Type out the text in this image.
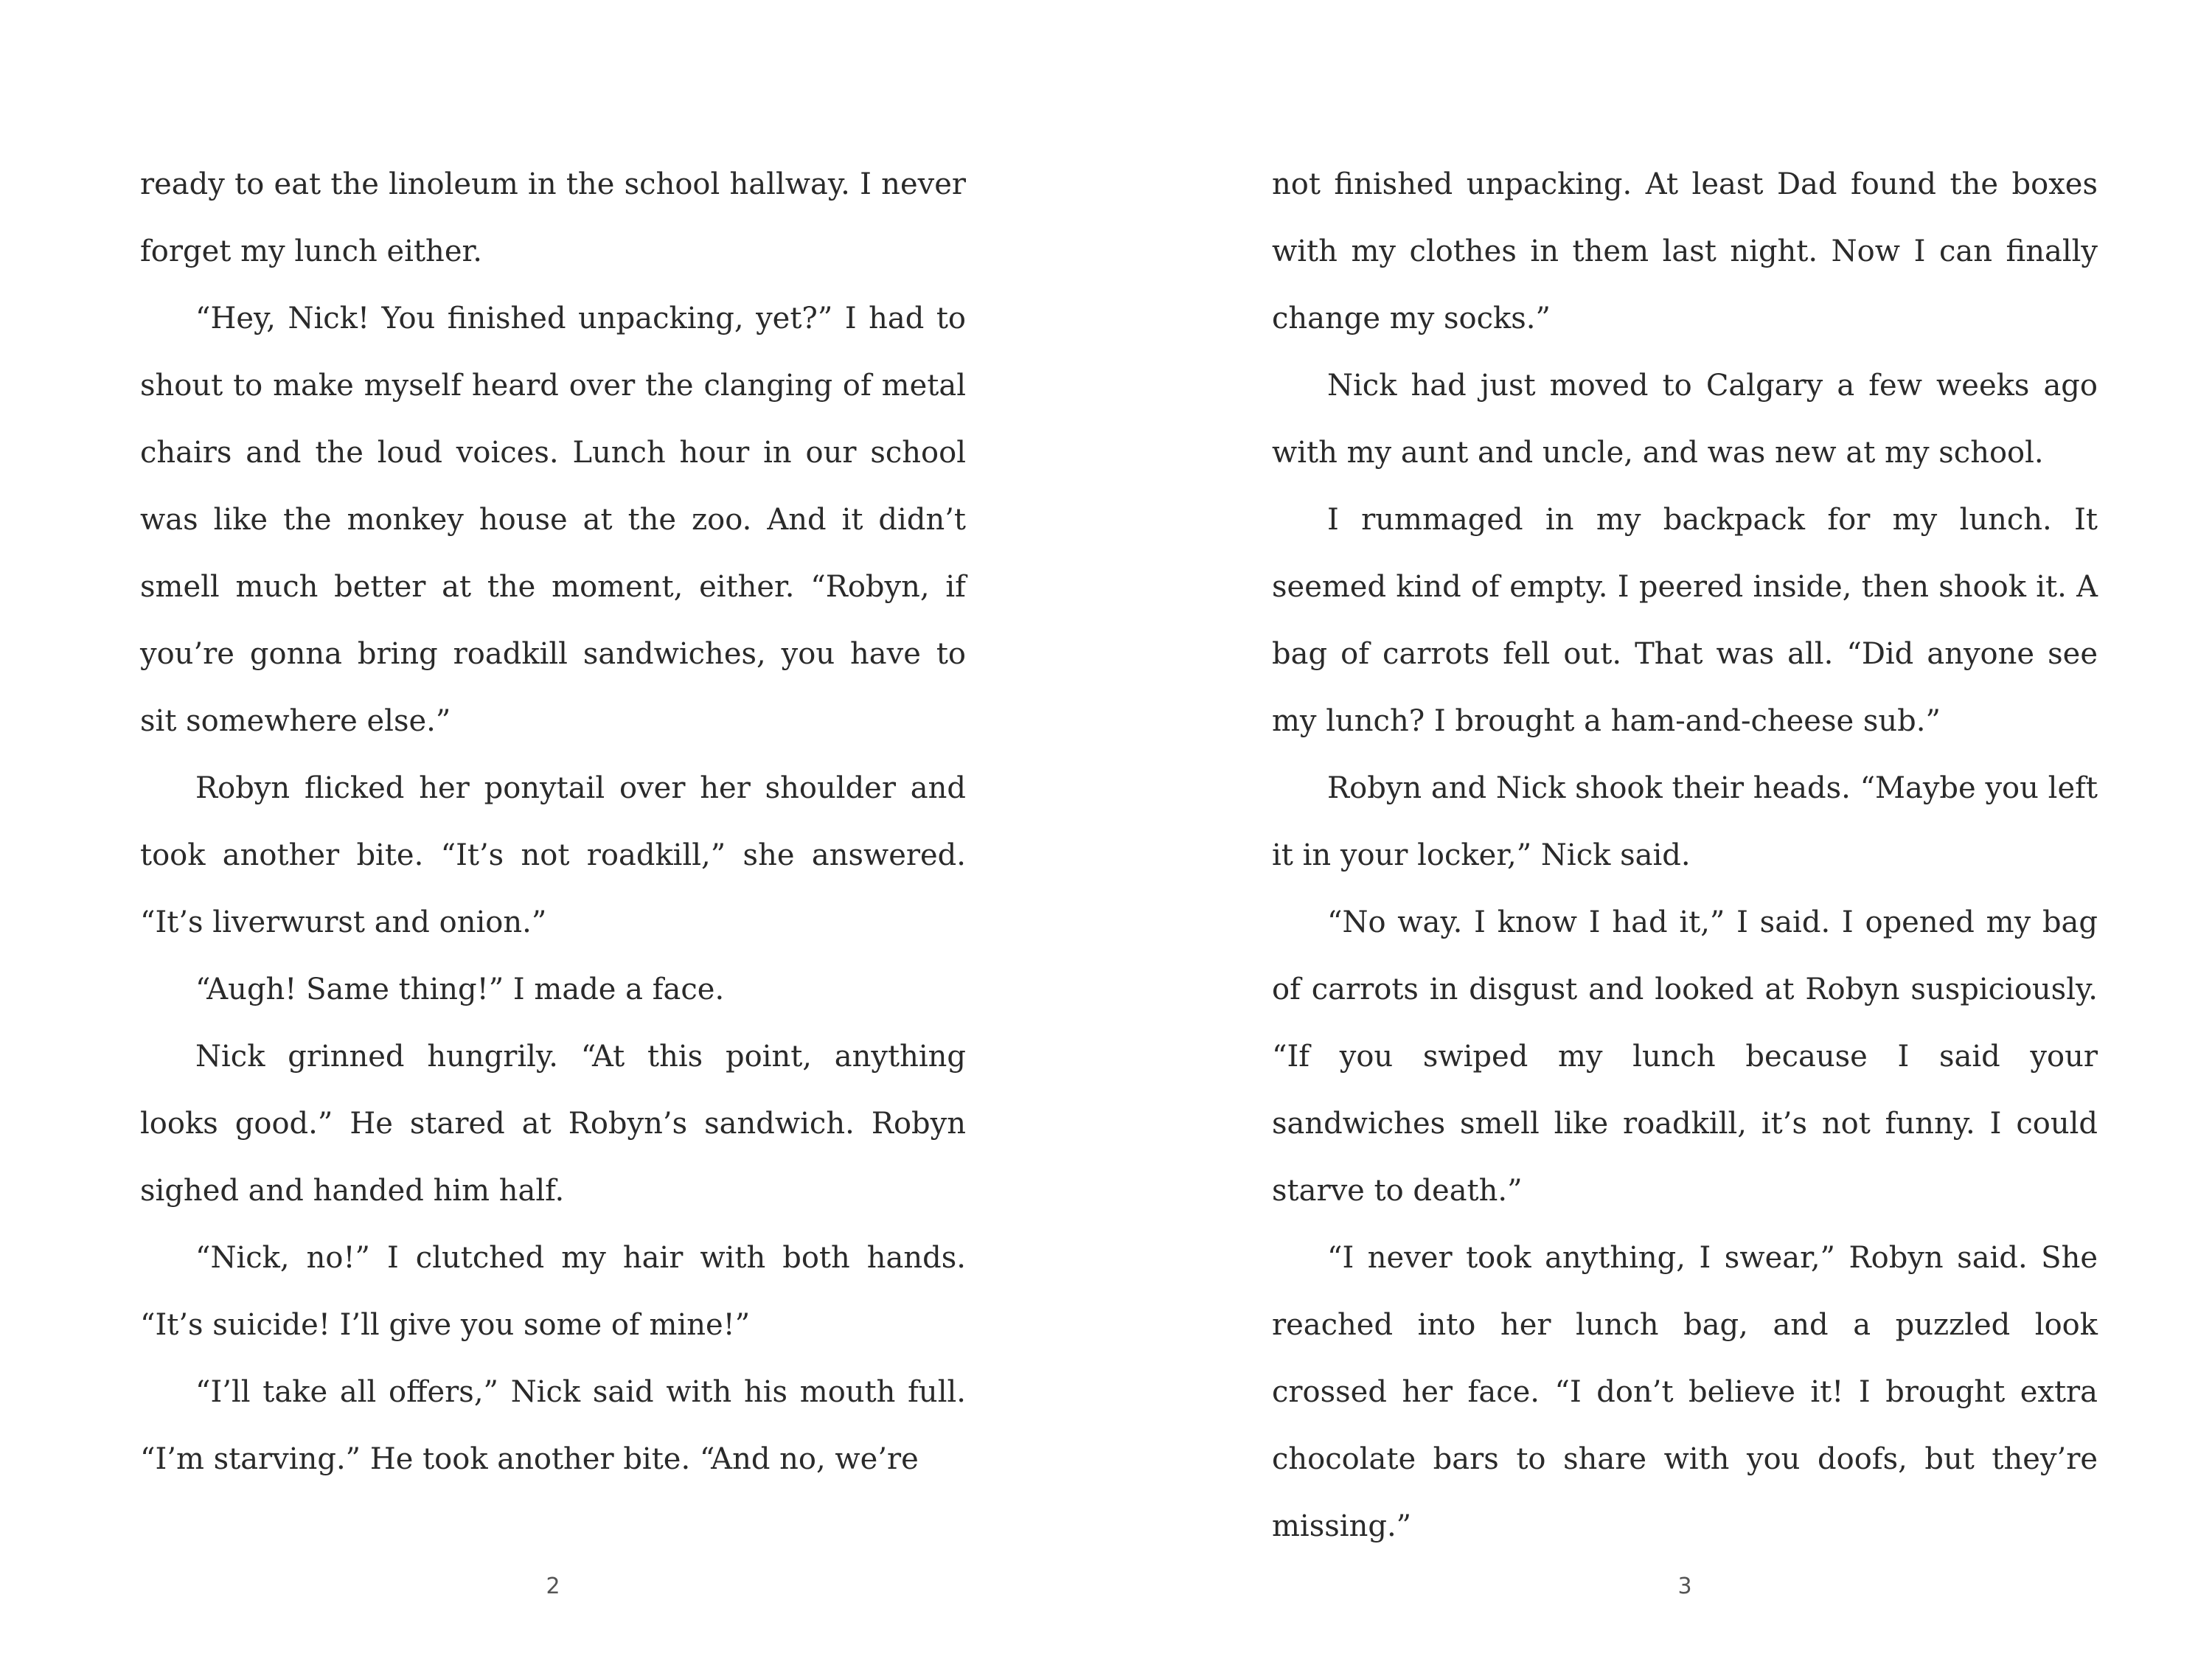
ready to eat the linoleum in the school hallway. I never forget my lunch either.

“Hey, Nick! You finished unpacking, yet?” I had to shout to make myself heard over the clanging of metal chairs and the loud voices. Lunch hour in our school was like the monkey house at the zoo. And it didn’t smell much better at the moment, either. “Robyn, if you’re gonna bring roadkill sandwiches, you have to sit somewhere else.”

Robyn flicked her ponytail over her shoulder and took another bite. “It’s not roadkill,” she answered. “It’s liverwurst and onion.”

“Augh! Same thing!” I made a face.

Nick grinned hungrily. “At this point, anything looks good.” He stared at Robyn’s sandwich. Robyn sighed and handed him half.

“Nick, no!” I clutched my hair with both hands. “It’s suicide! I’ll give you some of mine!”

“I’ll take all offers,” Nick said with his mouth full. “I’m starving.” He took another bite. “And no, we’re

2

not finished unpacking. At least Dad found the boxes with my clothes in them last night. Now I can finally change my socks.”

Nick had just moved to Calgary a few weeks ago with my aunt and uncle, and was new at my school.

I rummaged in my backpack for my lunch. It seemed kind of empty. I peered inside, then shook it. A bag of carrots fell out. That was all. “Did anyone see my lunch? I brought a ham-and-cheese sub.”

Robyn and Nick shook their heads. “Maybe you left it in your locker,” Nick said.

“No way. I know I had it,” I said. I opened my bag of carrots in disgust and looked at Robyn suspiciously. “If you swiped my lunch because I said your sandwiches smell like roadkill, it’s not funny. I could starve to death.”

“I never took anything, I swear,” Robyn said. She reached into her lunch bag, and a puzzled look crossed her face. “I don’t believe it! I brought extra chocolate bars to share with you doofs, but they’re missing.”

3
